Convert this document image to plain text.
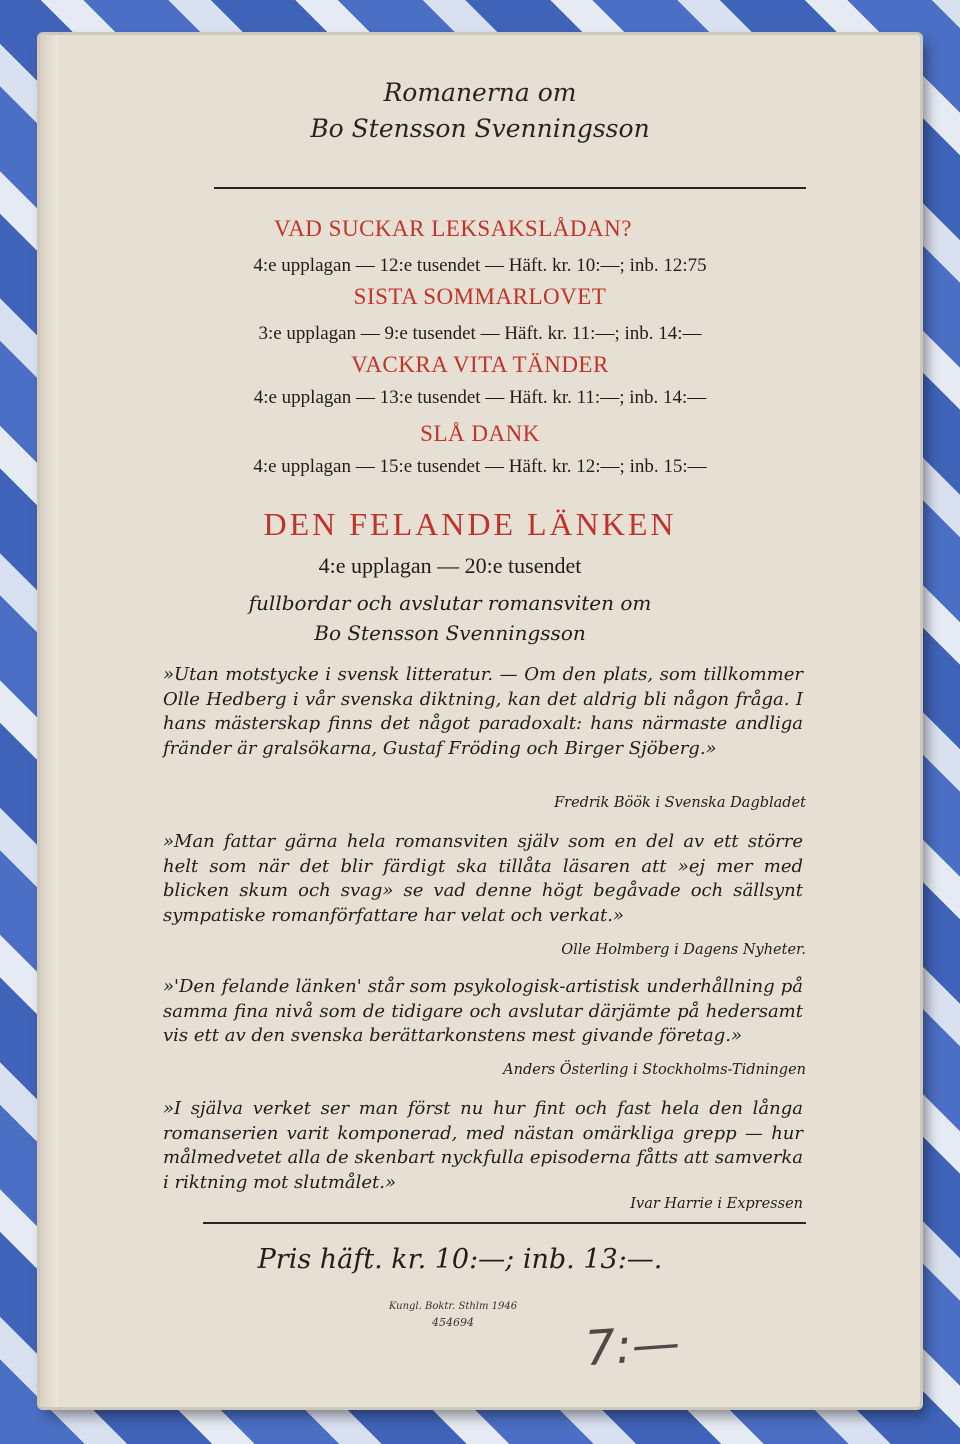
Romanerna om
Bo Stensson Svenningsson
VAD SUCKAR LEKSAKSLÅDAN?
4:e upplagan — 12:e tusendet — Häft. kr. 10:—; inb. 12:75
SISTA SOMMARLOVET
3:e upplagan — 9:e tusendet — Häft. kr. 11:—; inb. 14:—
VACKRA VITA TÄNDER
4:e upplagan — 13:e tusendet — Häft. kr. 11:—; inb. 14:—
SLÅ DANK
4:e upplagan — 15:e tusendet — Häft. kr. 12:—; inb. 15:—
DEN FELANDE LÄNKEN
4:e upplagan — 20:e tusendet
fullbordar och avslutar romansviten om
Bo Stensson Svenningsson
»Utan motstycke i svensk litteratur. — Om den plats, som tillkommer Olle Hedberg i vår svenska diktning, kan det aldrig bli någon fråga. I hans mästerskap finns det något paradoxalt: hans närmaste andliga fränder är gralsökarna, Gustaf Fröding och Birger Sjöberg.»
Fredrik Böök i Svenska Dagbladet
»Man fattar gärna hela romansviten själv som en del av ett större helt som när det blir färdigt ska tillåta läsaren att »ej mer med blicken skum och svag» se vad denne högt begåvade och sällsynt sympatiske romanförfattare har velat och verkat.»
Olle Holmberg i Dagens Nyheter.
»'Den felande länken' står som psykologisk-artistisk underhållning på samma fina nivå som de tidigare och avslutar därjämte på hedersamt vis ett av den svenska berättarkonstens mest givande företag.»
Anders Österling i Stockholms-Tidningen
»I själva verket ser man först nu hur fint och fast hela den långa romanserien varit komponerad, med nästan omärkliga grepp — hur målmedvetet alla de skenbart nyckfulla episoderna fåtts att samverka i riktning mot slutmålet.»
Ivar Harrie i Expressen
Pris häft. kr. 10:—; inb. 13:—.
Kungl. Boktr. Sthlm 1946
454694	7:—
